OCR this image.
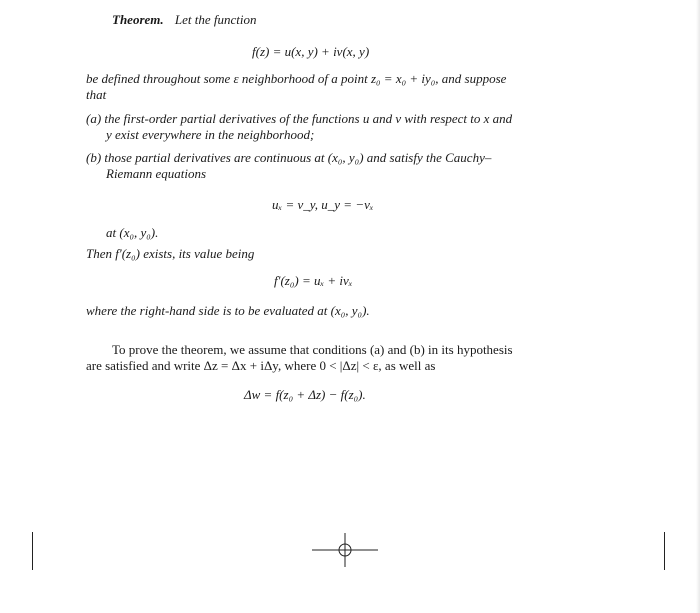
Theorem. Let the function
f(z) = u(x, y) + iv(x, y)
be defined throughout some ε neighborhood of a point z₀ = x₀ + iy₀, and suppose
that
(a) the first-order partial derivatives of the functions u and v with respect to x and
y exist everywhere in the neighborhood;
(b) those partial derivatives are continuous at (x₀, y₀) and satisfy the Cauchy–
Riemann equations
uₓ = v_y, u_y = −vₓ
at (x₀, y₀).
Then f′(z₀) exists, its value being
f′(z₀) = uₓ + ivₓ
where the right-hand side is to be evaluated at (x₀, y₀).
To prove the theorem, we assume that conditions (a) and (b) in its hypothesis
are satisfied and write Δz = Δx + iΔy, where 0 < |Δz| < ε, as well as
Δw = f(z₀ + Δz) − f(z₀).
